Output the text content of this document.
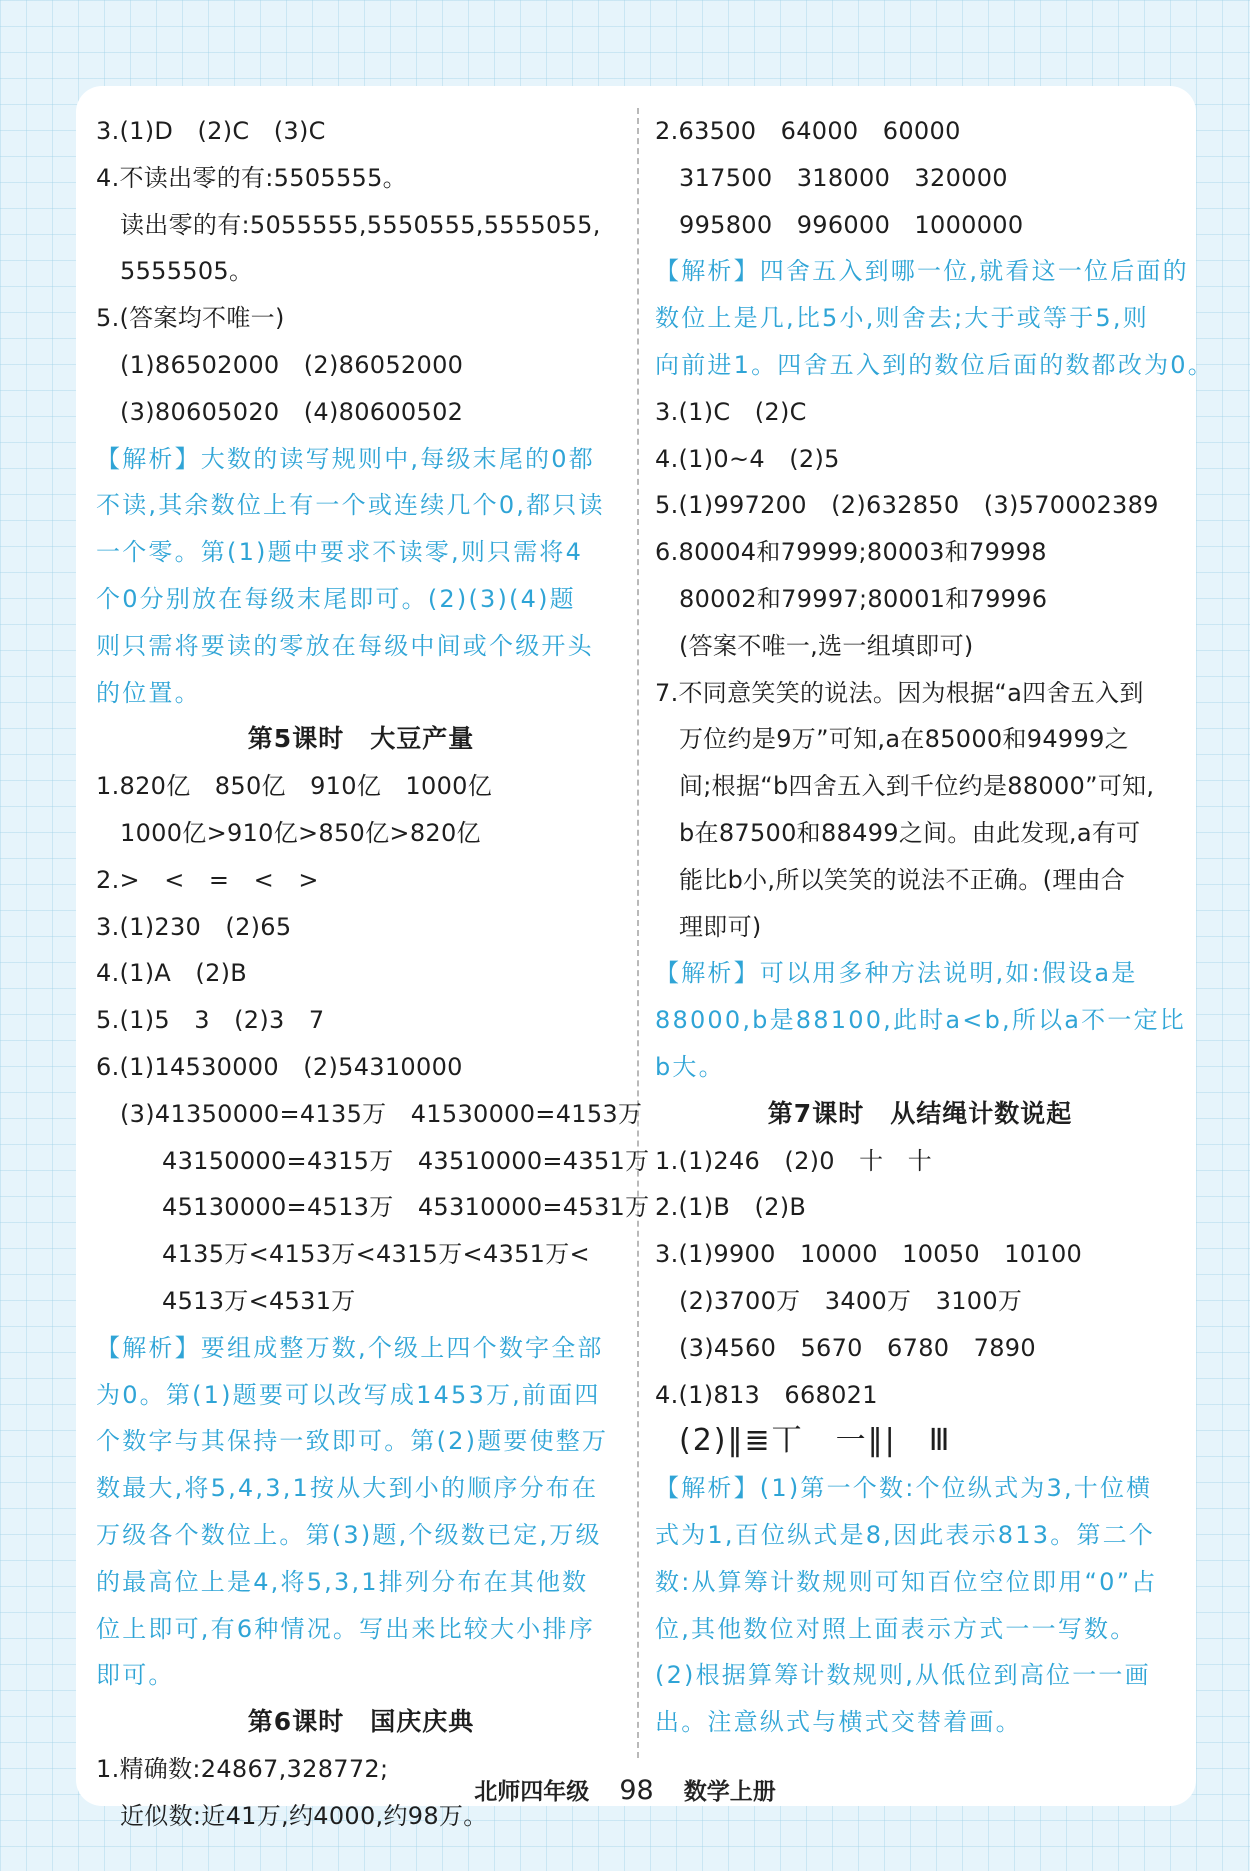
3.(1)D　(2)C　(3)C
4.不读出零的有:5505555。
读出零的有:5055555,5550555,5555055,
5555505。
5.(答案均不唯一)
(1)86502000　(2)86052000
(3)80605020　(4)80600502
【解析】大数的读写规则中,每级末尾的0都
不读,其余数位上有一个或连续几个0,都只读
一个零。第(1)题中要求不读零,则只需将4
个0分别放在每级末尾即可。(2)(3)(4)题
则只需将要读的零放在每级中间或个级开头
的位置。
第5课时　大豆产量
1.820亿　850亿　910亿　1000亿
1000亿>910亿>850亿>820亿
2.>　<　=　<　>
3.(1)230　(2)65
4.(1)A　(2)B
5.(1)5　3　(2)3　7
6.(1)14530000　(2)54310000
(3)41350000=4135万　41530000=4153万
43150000=4315万　43510000=4351万
45130000=4513万　45310000=4531万
4135万<4153万<4315万<4351万<
4513万<4531万
【解析】要组成整万数,个级上四个数字全部
为0。第(1)题要可以改写成1453万,前面四
个数字与其保持一致即可。第(2)题要使整万
数最大,将5,4,3,1按从大到小的顺序分布在
万级各个数位上。第(3)题,个级数已定,万级
的最高位上是4,将5,3,1排列分布在其他数
位上即可,有6种情况。写出来比较大小排序
即可。
第6课时　国庆庆典
1.精确数:24867,328772;
近似数:近41万,约4000,约98万。
2.63500　64000　60000
317500　318000　320000
995800　996000　1000000
【解析】四舍五入到哪一位,就看这一位后面的
数位上是几,比5小,则舍去;大于或等于5,则
向前进1。四舍五入到的数位后面的数都改为0。
3.(1)C　(2)C
4.(1)0~4　(2)5
5.(1)997200　(2)632850　(3)570002389
6.80004和79999;80003和79998
80002和79997;80001和79996
(答案不唯一,选一组填即可)
7.不同意笑笑的说法。因为根据“a四舍五入到
万位约是9万”可知,a在85000和94999之
间;根据“b四舍五入到千位约是88000”可知,
b在87500和88499之间。由此发现,a有可
能比b小,所以笑笑的说法不正确。(理由合
理即可)
【解析】可以用多种方法说明,如:假设a是
88000,b是88100,此时a<b,所以a不一定比
b大。
第7课时　从结绳计数说起
1.(1)246　(2)0　十　十
2.(1)B　(2)B
3.(1)9900　10000　10050　10100
(2)3700万　3400万　3100万
(3)4560　5670　6780　7890
4.(1)813　668021
(2)‖≣丅　一‖|　Ⅲ
【解析】(1)第一个数:个位纵式为3,十位横
式为1,百位纵式是8,因此表示813。第二个
数:从算筹计数规则可知百位空位即用“0”占
位,其他数位对照上面表示方式一一写数。
(2)根据算筹计数规则,从低位到高位一一画
出。注意纵式与横式交替着画。
北师四年级 98 数学上册
